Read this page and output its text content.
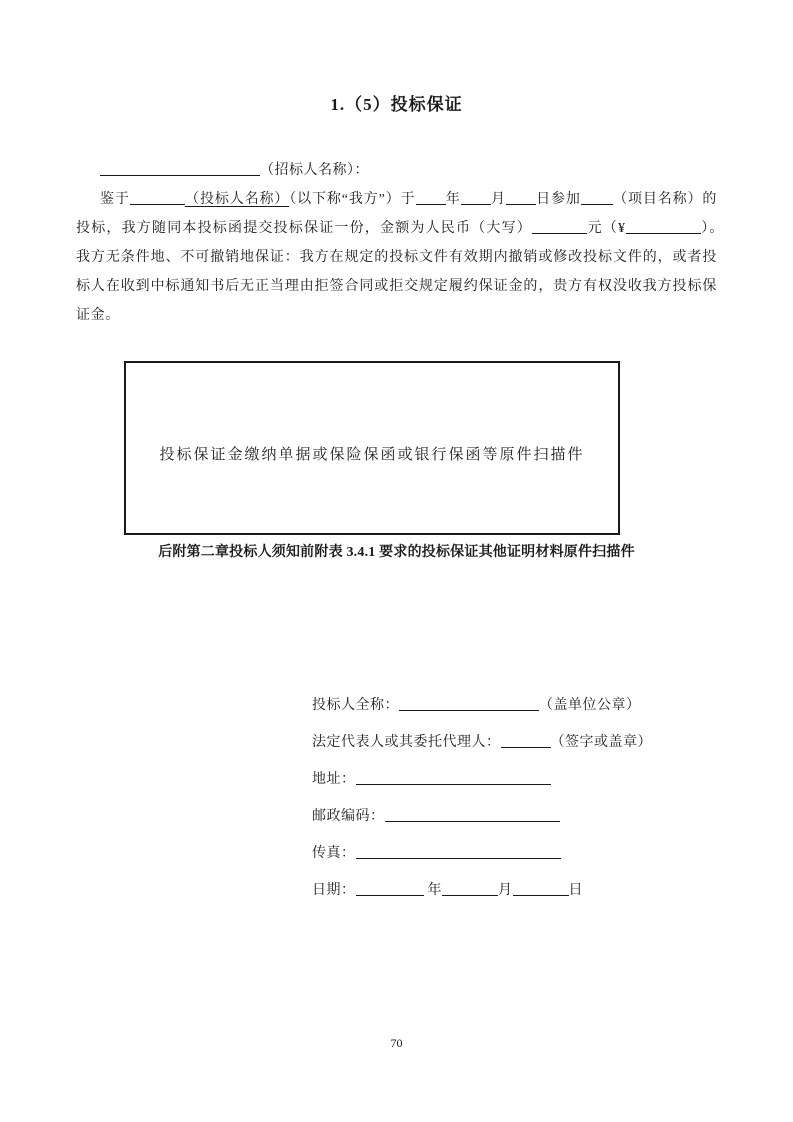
1.（5）投标保证
（招标人名称）：

鉴于	（投标人名称）（以下称“我方”）于 年 月 日参加 （项目名称）的投标，我方随同本投标函提交投标保证一份，金额为人民币（大写）	元（¥	）。　我方无条件地、不可撤销地保证：我方在规定的投标文件有效期内撤销或修改投标文件的，或者投标人在收到中标通知书后无正当理由拒签合同或拒交规定履约保证金的，贵方有权没收我方投标保证金。

投标保证金缴纳单据或保险保函或银行保函等原件扫描件
后附第二章投标人须知前附表 3.4.1 要求的投标保证其他证明材料原件扫描件
投标人全称：	（盖单位公章）
法定代表人或其委托代理人：	（签字或盖章）
地址：
邮政编码：
传真：
日期：	年	月	日
70
